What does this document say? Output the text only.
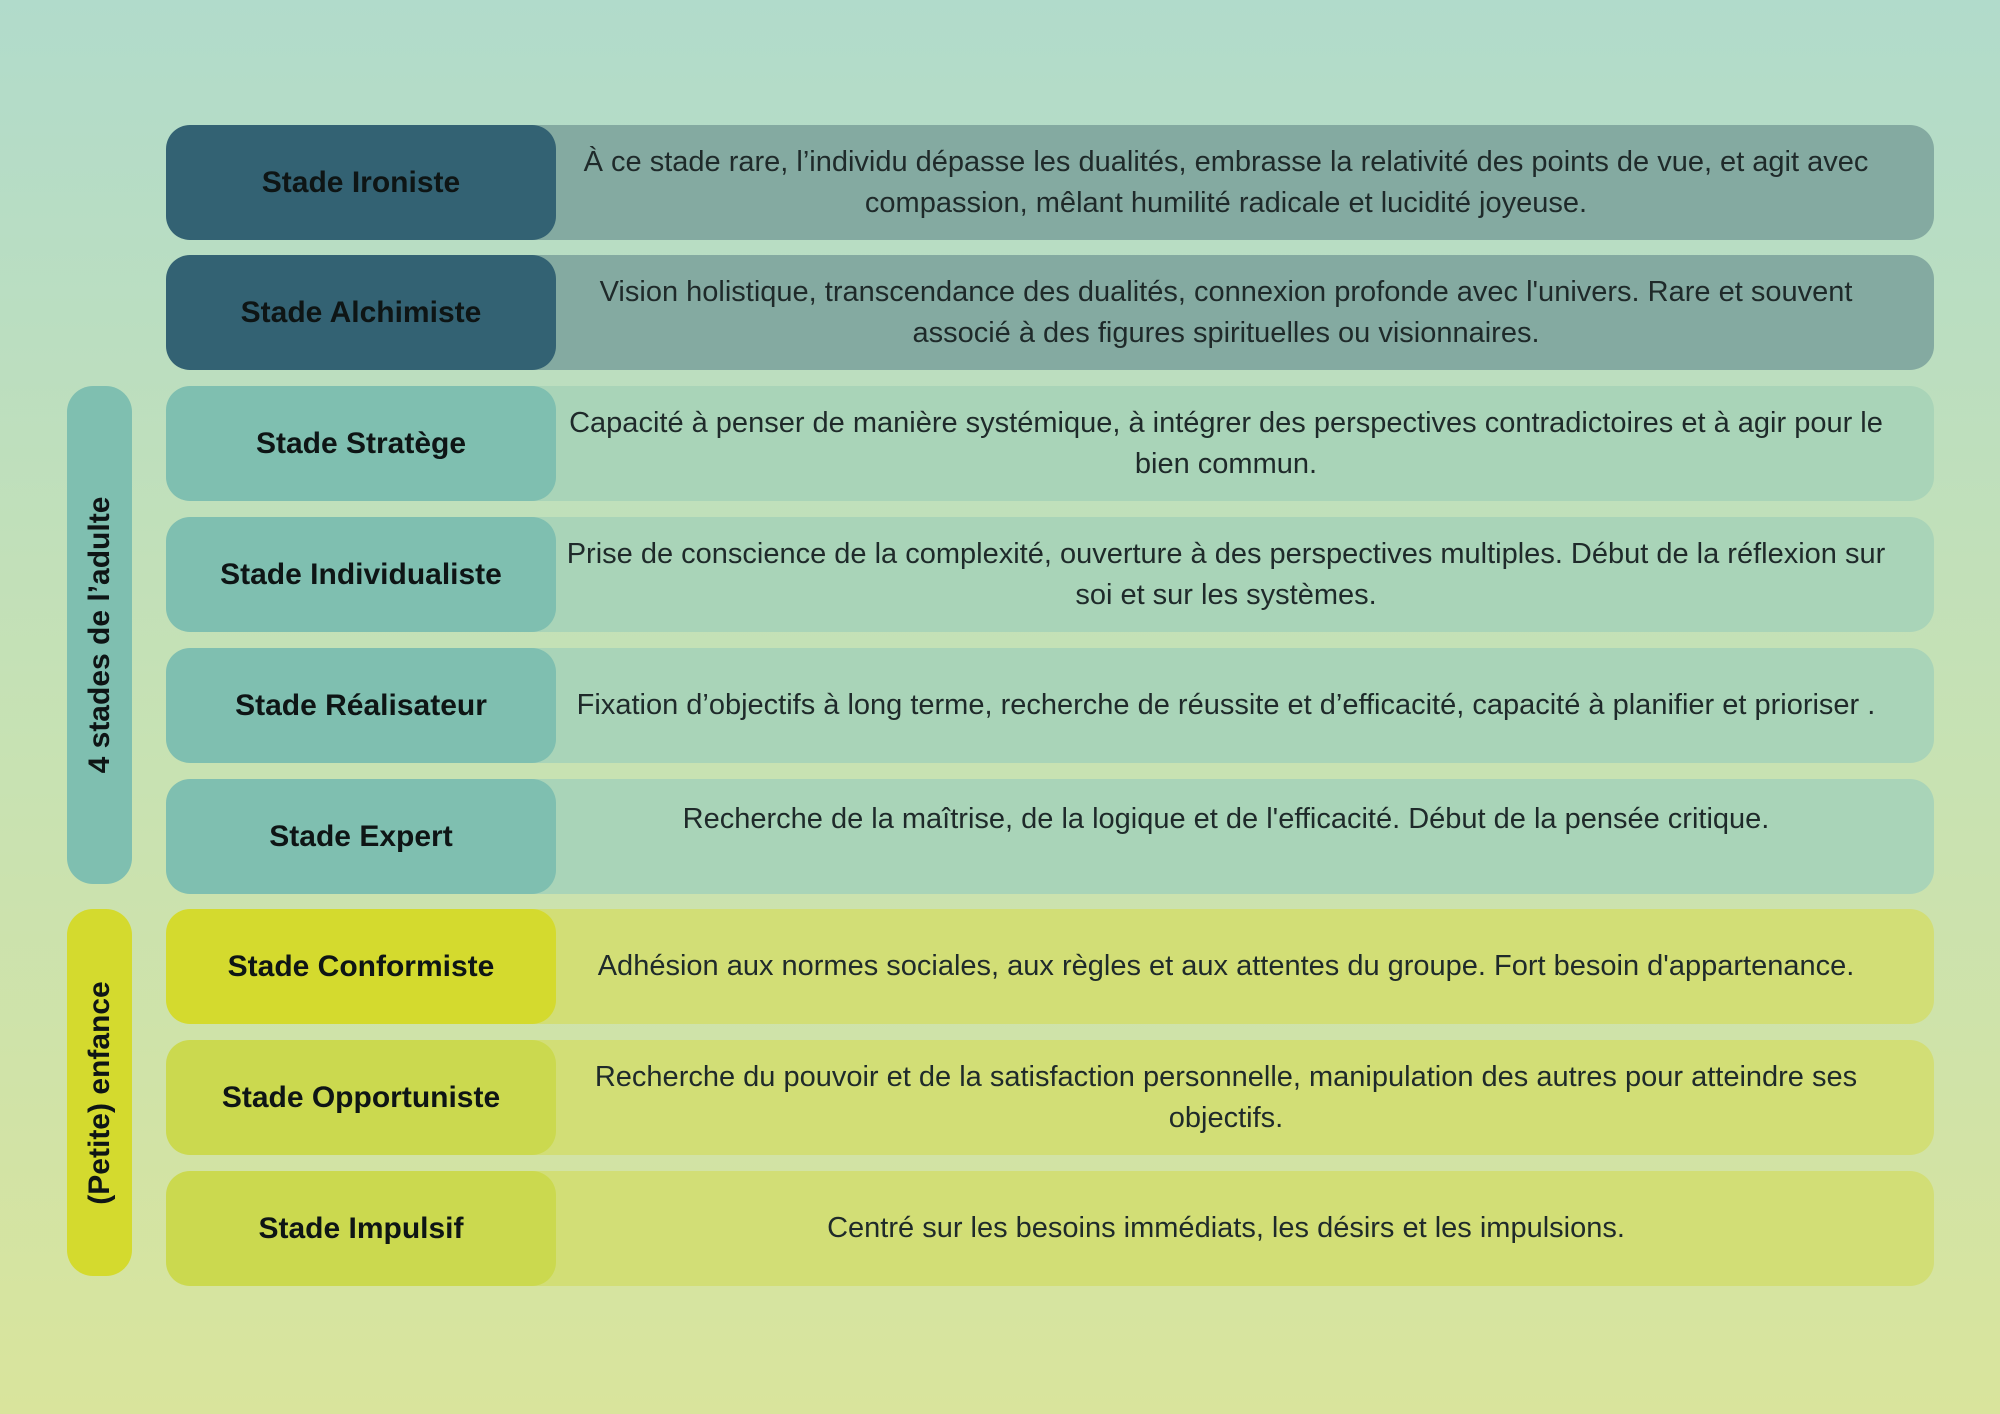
4 stades de l’adulte
(Petite) enfance
À ce stade rare, l’individu dépasse les dualités, embrasse la relativité des points de vue, et agit avec compassion, mêlant humilité radicale et lucidité joyeuse.
Stade Ironiste
Vision holistique, transcendance des dualités, connexion profonde avec l'univers. Rare et souvent associé à des figures spirituelles ou visionnaires.
Stade Alchimiste
Capacité à penser de manière systémique, à intégrer des perspectives contradictoires et à agir pour le bien commun.
Stade Stratège
Prise de conscience de la complexité, ouverture à des perspectives multiples. Début de la réflexion sur soi et sur les systèmes.
Stade Individualiste
Fixation d’objectifs à long terme, recherche de réussite et d’efficacité, capacité à planifier et prioriser .
Stade Réalisateur
Recherche de la maîtrise, de la logique et de l'efficacité. Début de la pensée critique.
Stade Expert
Adhésion aux normes sociales, aux règles et aux attentes du groupe. Fort besoin d'appartenance.
Stade Conformiste
Recherche du pouvoir et de la satisfaction personnelle, manipulation des autres pour atteindre ses objectifs.
Stade Opportuniste
Centré sur les besoins immédiats, les désirs et les impulsions.
Stade Impulsif
